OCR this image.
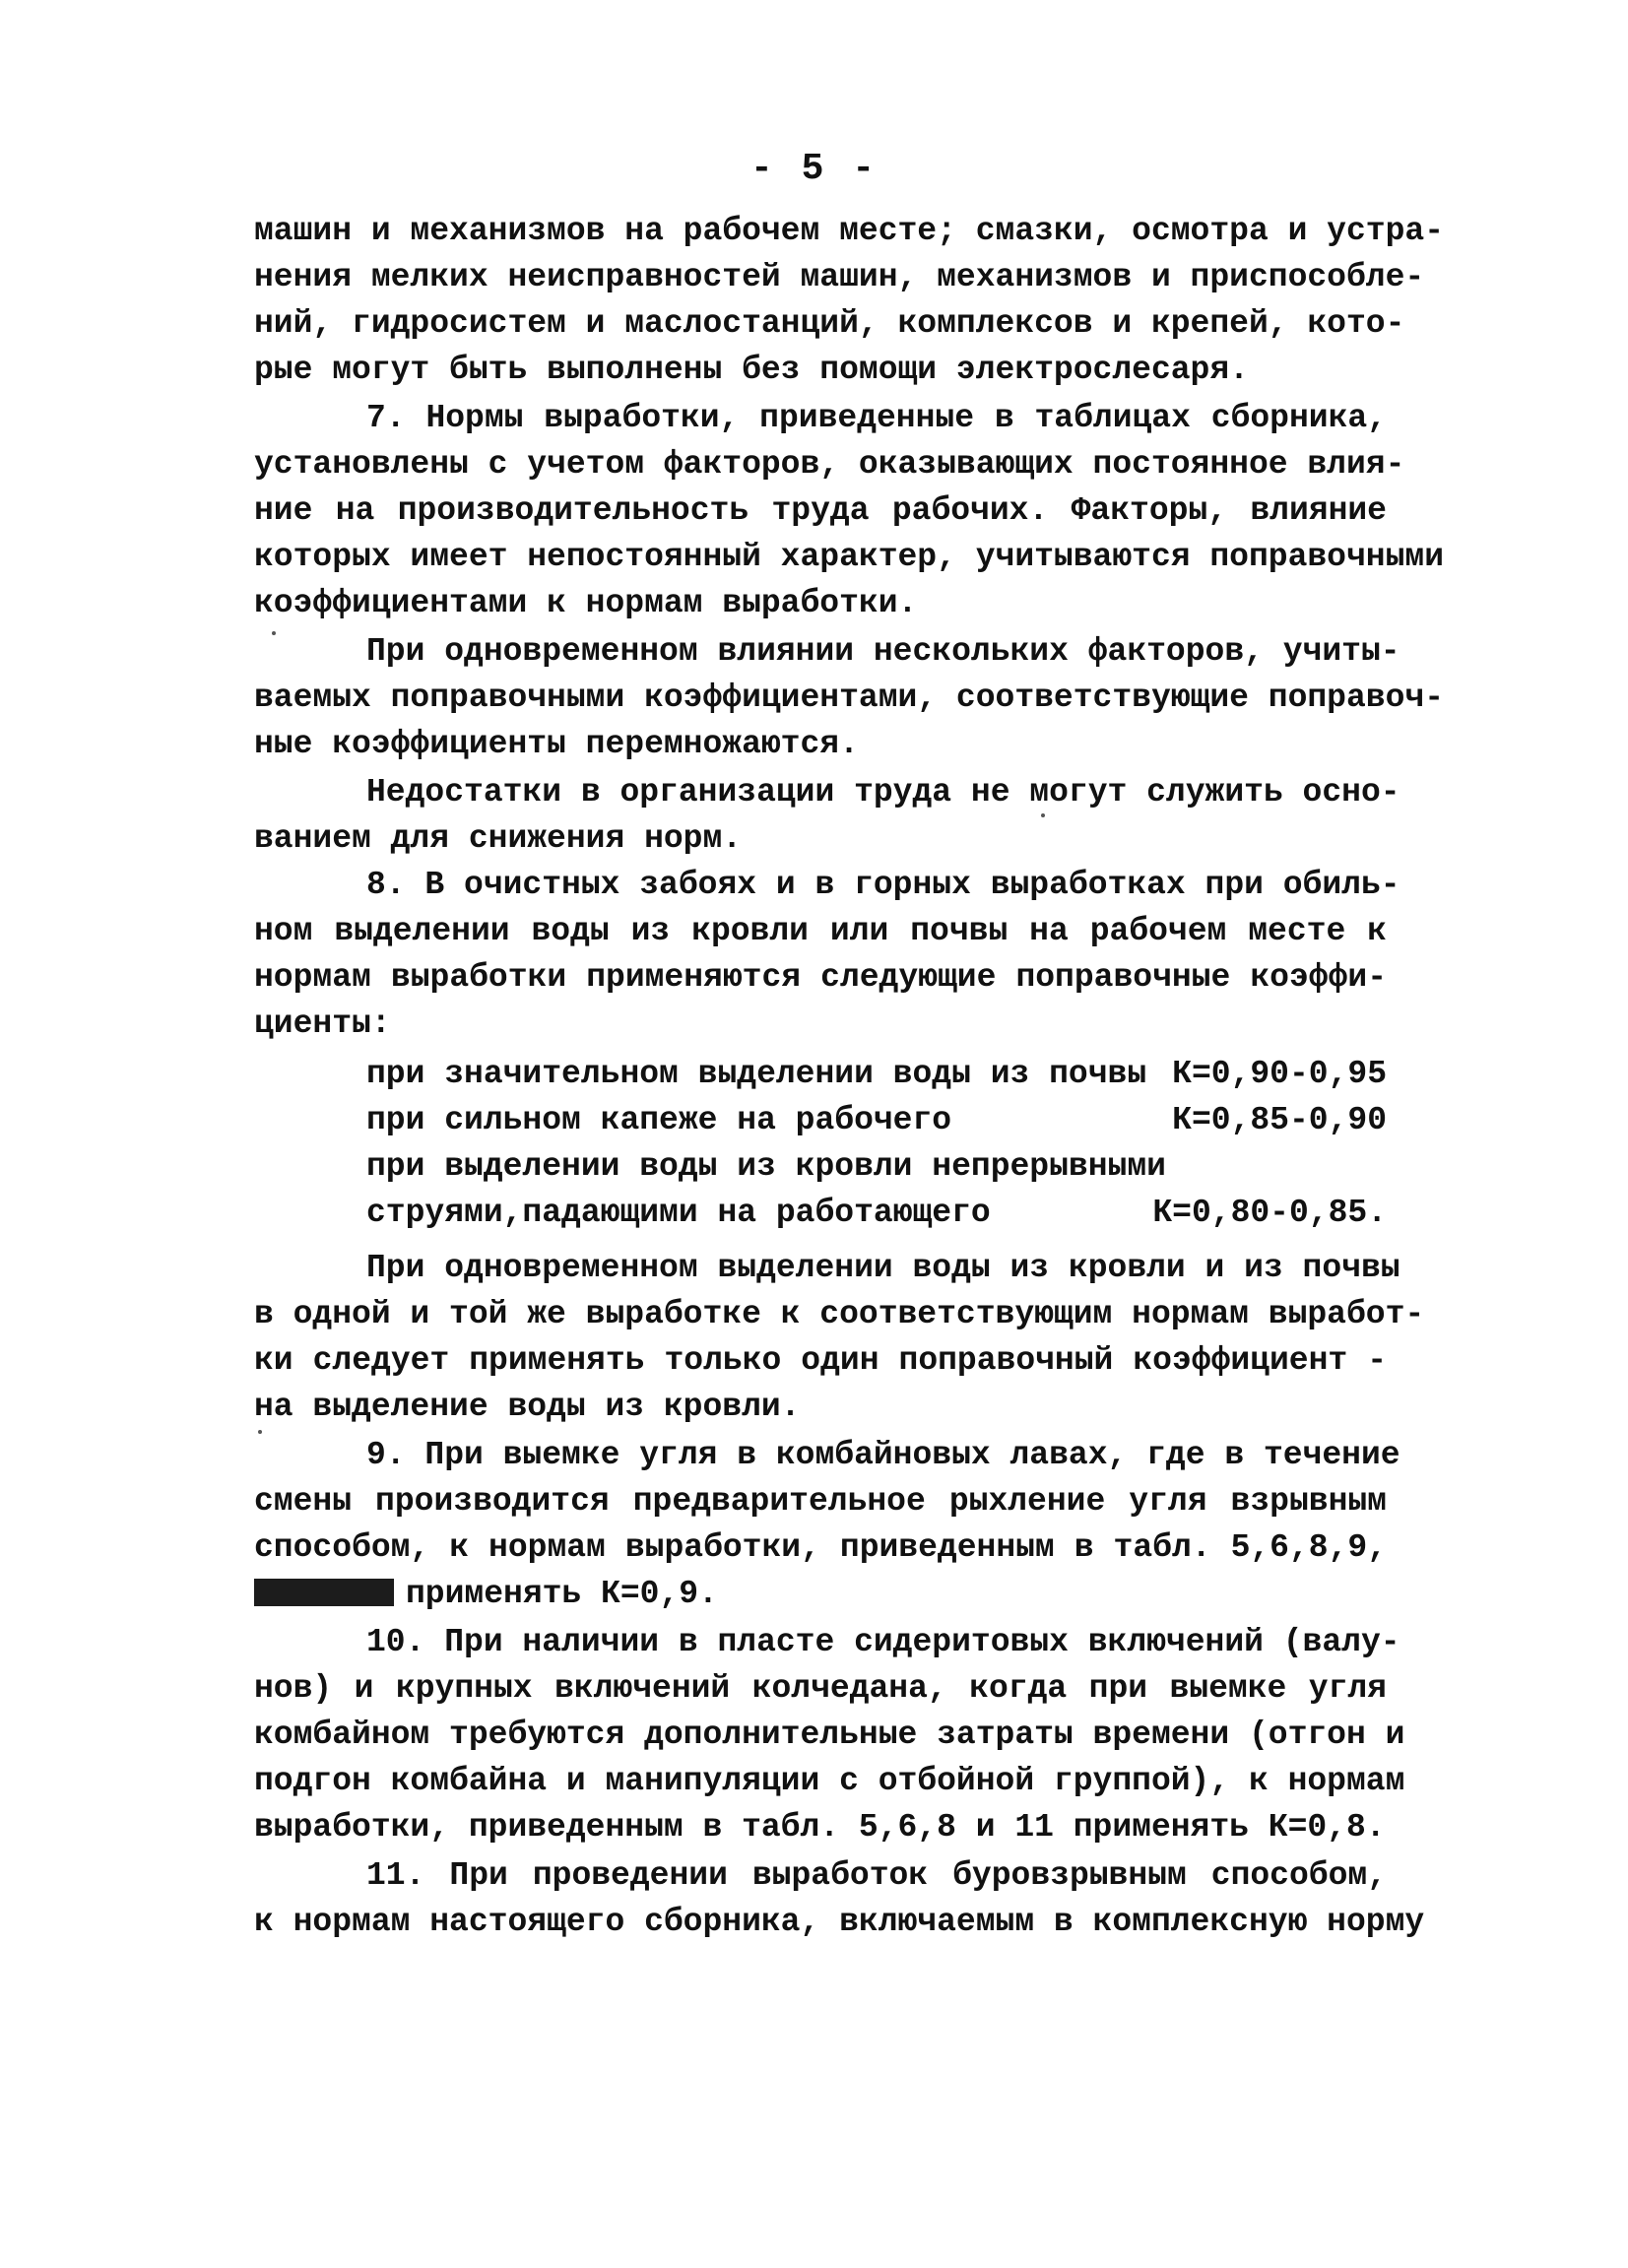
- 5 -
машин и механизмов на рабочем месте; смазки, осмотра и устра-
нения мелких неисправностей машин, механизмов и приспособле-
ний, гидросистем и маслостанций, комплексов и крепей, кото-
рые могут быть выполнены без помощи электрослесаря.
7. Нормы выработки, приведенные в таблицах сборника,
установлены с учетом факторов, оказывающих постоянное влия-
ние на производительность труда рабочих. Факторы, влияние
которых имеет непостоянный характер, учитываются поправочными
коэффициентами к нормам выработки.
При одновременном влиянии нескольких факторов, учиты-
ваемых поправочными коэффициентами, соответствующие поправоч-
ные коэффициенты перемножаются.
Недостатки в организации труда не могут служить осно-
ванием для снижения норм.
8. В очистных забоях и в горных выработках при обиль-
ном выделении воды из кровли или почвы на рабочем месте к
нормам выработки применяются следующие поправочные коэффи-
циенты:
при значительном выделении воды из почвы К=0,90-0,95
при сильном капеже на рабочего	К=0,85-0,90
при выделении воды из кровли непрерывными
струями,падающими на работающего	К=0,80-0,85.
При одновременном выделении воды из кровли и из почвы
в одной и той же выработке к соответствующим нормам выработ-
ки следует применять только один поправочный коэффициент -
на выделение воды из кровли.
9. При выемке угля в комбайновых лавах, где в течение
смены производится предварительное рыхление угля взрывным
способом, к нормам выработки, приведенным в табл. 5,6,8,9,
применять К=0,9.
10. При наличии в пласте сидеритовых включений (валу-
нов) и крупных включений колчедана, когда при выемке угля
комбайном требуются дополнительные затраты времени (отгон и
подгон комбайна и манипуляции с отбойной группой), к нормам
выработки, приведенным в табл. 5,6,8 и 11 применять К=0,8.
11. При проведении выработок буровзрывным способом,
к нормам настоящего сборника, включаемым в комплексную норму
